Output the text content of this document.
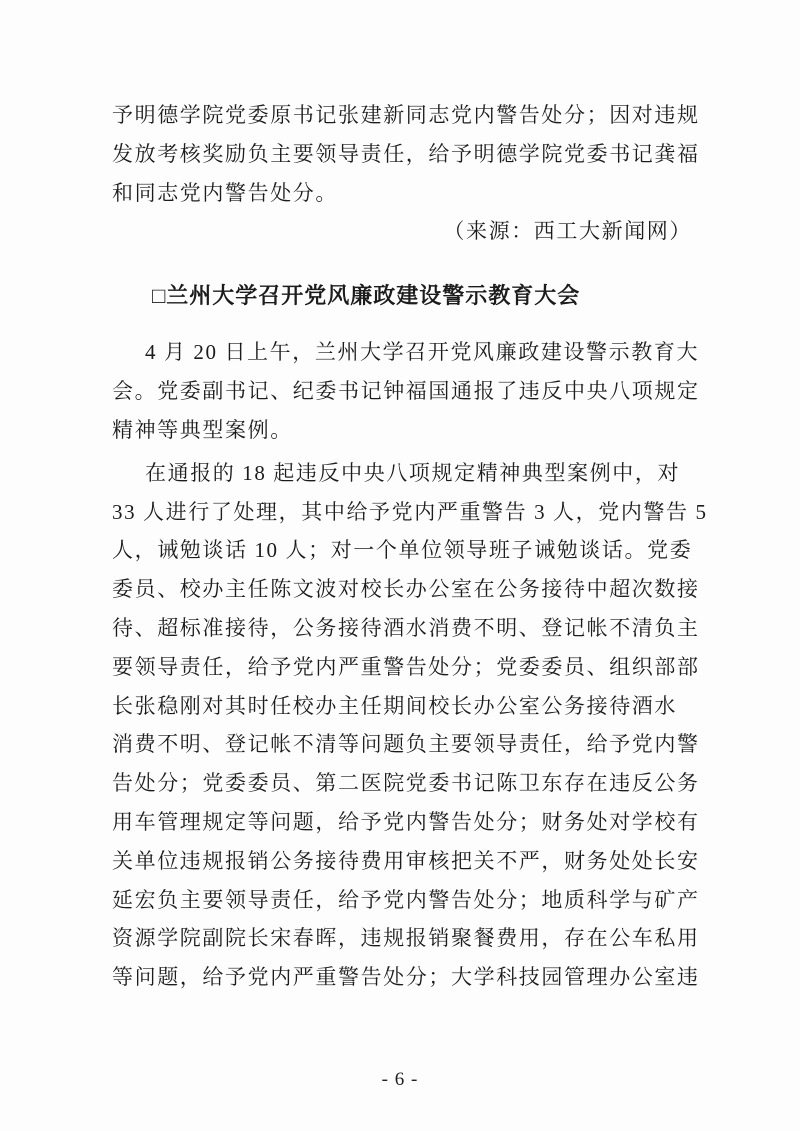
予明德学院党委原书记张建新同志党内警告处分；因对违规
发放考核奖励负主要领导责任，给予明德学院党委书记龚福
和同志党内警告处分。
（来源：西工大新闻网）
□兰州大学召开党风廉政建设警示教育大会
4 月 20 日上午，兰州大学召开党风廉政建设警示教育大
会。党委副书记、纪委书记钟福国通报了违反中央八项规定
精神等典型案例。
在通报的 18 起违反中央八项规定精神典型案例中，对
33 人进行了处理，其中给予党内严重警告 3 人，党内警告 5
人，诫勉谈话 10 人；对一个单位领导班子诫勉谈话。党委
委员、校办主任陈文波对校长办公室在公务接待中超次数接
待、超标准接待，公务接待酒水消费不明、登记帐不清负主
要领导责任，给予党内严重警告处分；党委委员、组织部部
长张稳刚对其时任校办主任期间校长办公室公务接待酒水
消费不明、登记帐不清等问题负主要领导责任，给予党内警
告处分；党委委员、第二医院党委书记陈卫东存在违反公务
用车管理规定等问题，给予党内警告处分；财务处对学校有
关单位违规报销公务接待费用审核把关不严，财务处处长安
延宏负主要领导责任，给予党内警告处分；地质科学与矿产
资源学院副院长宋春晖，违规报销聚餐费用，存在公车私用
等问题，给予党内严重警告处分；大学科技园管理办公室违
- 6 -
